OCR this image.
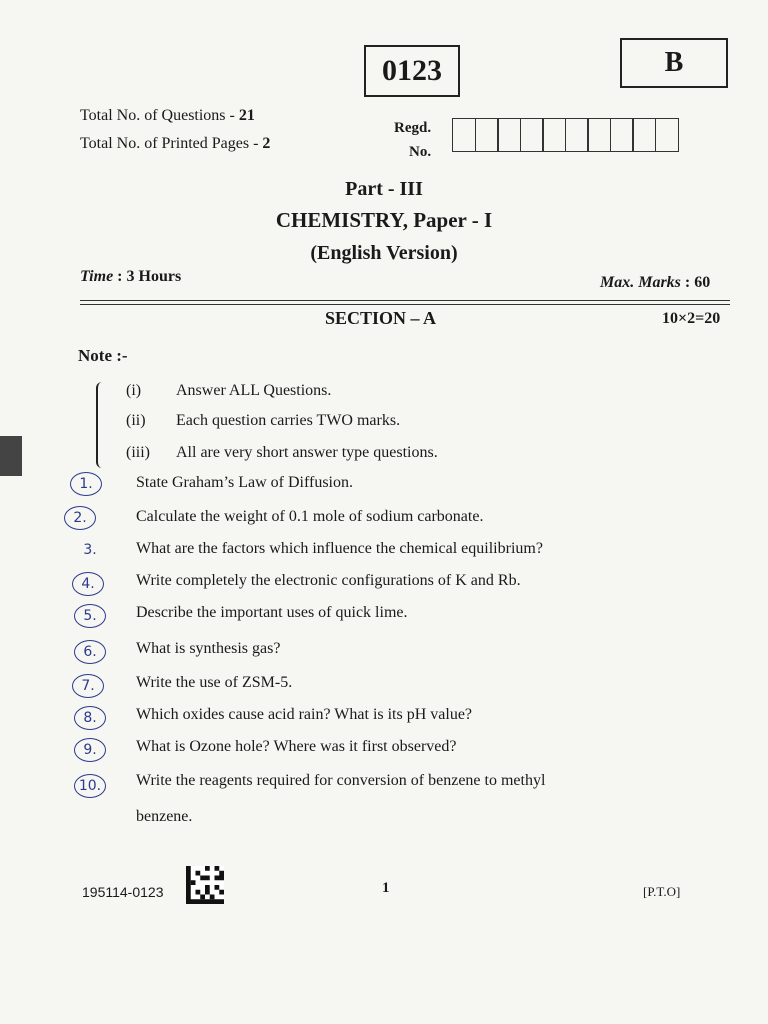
0123	B
Total No. of Questions - 21
Total No. of Printed Pages - 2
Regd.
No.
Part - III
CHEMISTRY, Paper - I
(English Version)
Time : 3 Hours	Max. Marks : 60
SECTION – A	10×2=20
Note :-
(i) Answer ALL Questions.
(ii) Each question carries TWO marks.
(iii) All are very short answer type questions.
1.	State Graham’s Law of Diffusion.
2.	Calculate the weight of 0.1 mole of sodium carbonate.
3.	What are the factors which influence the chemical equilibrium?
4.	Write completely the electronic configurations of K and Rb.
5.	Describe the important uses of quick lime.
6.	What is synthesis gas?
7.	Write the use of ZSM-5.
8.	Which oxides cause acid rain? What is its pH value?
9.	What is Ozone hole? Where was it first observed?
10.	Write the reagents required for conversion of benzene to methyl
benzene.
195114-0123	1	[P.T.O]
